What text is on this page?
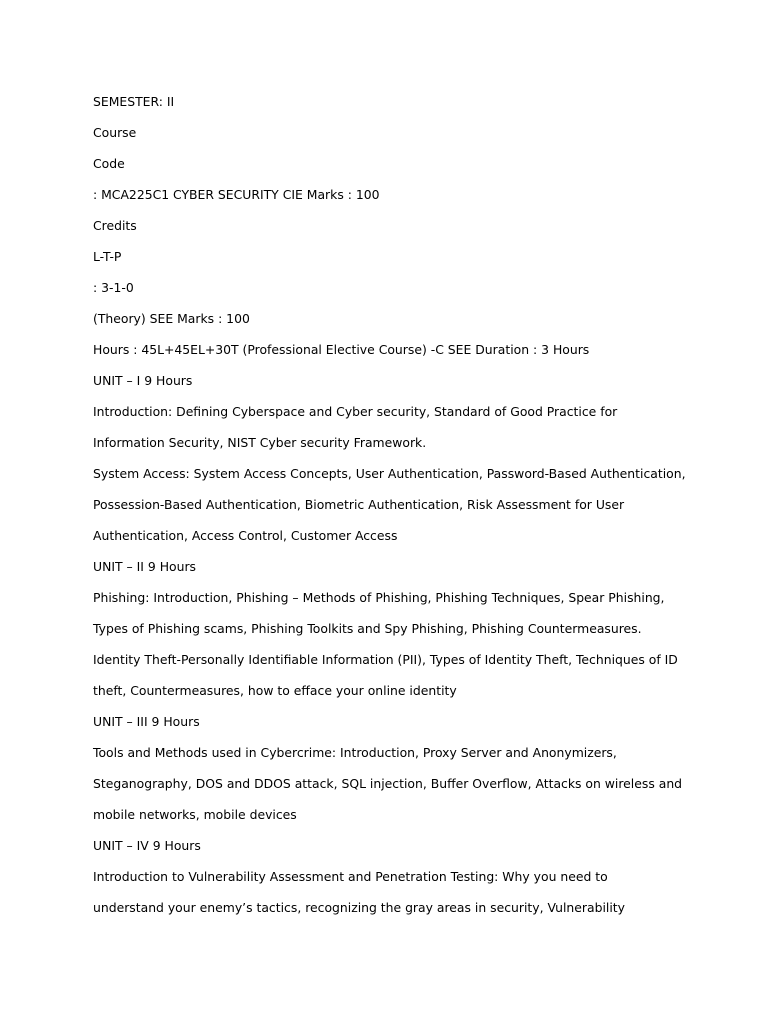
SEMESTER: II

Course

Code

: MCA225C1 CYBER SECURITY CIE Marks : 100

Credits

L-T-P

: 3-1-0

(Theory) SEE Marks : 100

Hours : 45L+45EL+30T (Professional Elective Course) -C SEE Duration : 3 Hours

UNIT – I 9 Hours

Introduction: Defining Cyberspace and Cyber security, Standard of Good Practice for

Information Security, NIST Cyber security Framework.

System Access: System Access Concepts, User Authentication, Password-Based Authentication,

Possession-Based Authentication, Biometric Authentication, Risk Assessment for User

Authentication, Access Control, Customer Access

UNIT – II 9 Hours

Phishing: Introduction, Phishing – Methods of Phishing, Phishing Techniques, Spear Phishing,

Types of Phishing scams, Phishing Toolkits and Spy Phishing, Phishing Countermeasures.

Identity Theft-Personally Identifiable Information (PII), Types of Identity Theft, Techniques of ID

theft, Countermeasures, how to efface your online identity

UNIT – III 9 Hours

Tools and Methods used in Cybercrime: Introduction, Proxy Server and Anonymizers,

Steganography, DOS and DDOS attack, SQL injection, Buffer Overflow, Attacks on wireless and

mobile networks, mobile devices

UNIT – IV 9 Hours

Introduction to Vulnerability Assessment and Penetration Testing: Why you need to

understand your enemy’s tactics, recognizing the gray areas in security, Vulnerability
